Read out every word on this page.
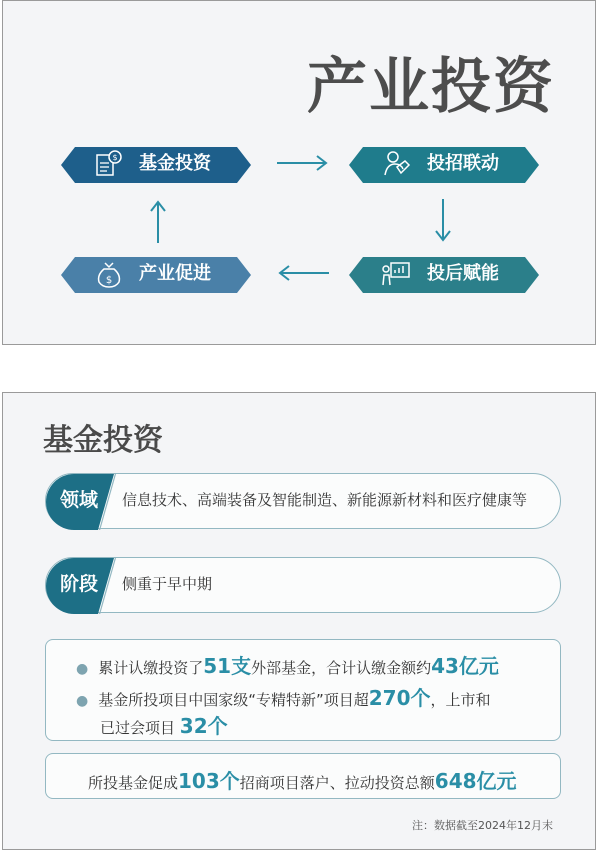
产业投资
$ 基金投资	投招联动
投后赋能
$ 产业促进
基金投资
领域 信息技术、高端装备及智能制造、新能源新材料和医疗健康等
阶段 侧重于早中期
● 累计认缴投资了51支外部基金，合计认缴金额约43亿元
● 基金所投项目中国家级“专精特新”项目超270个，上市和
已过会项目 32个
所投基金促成103个招商项目落户、拉动投资总额648亿元
注：数据截至2024年12月末
